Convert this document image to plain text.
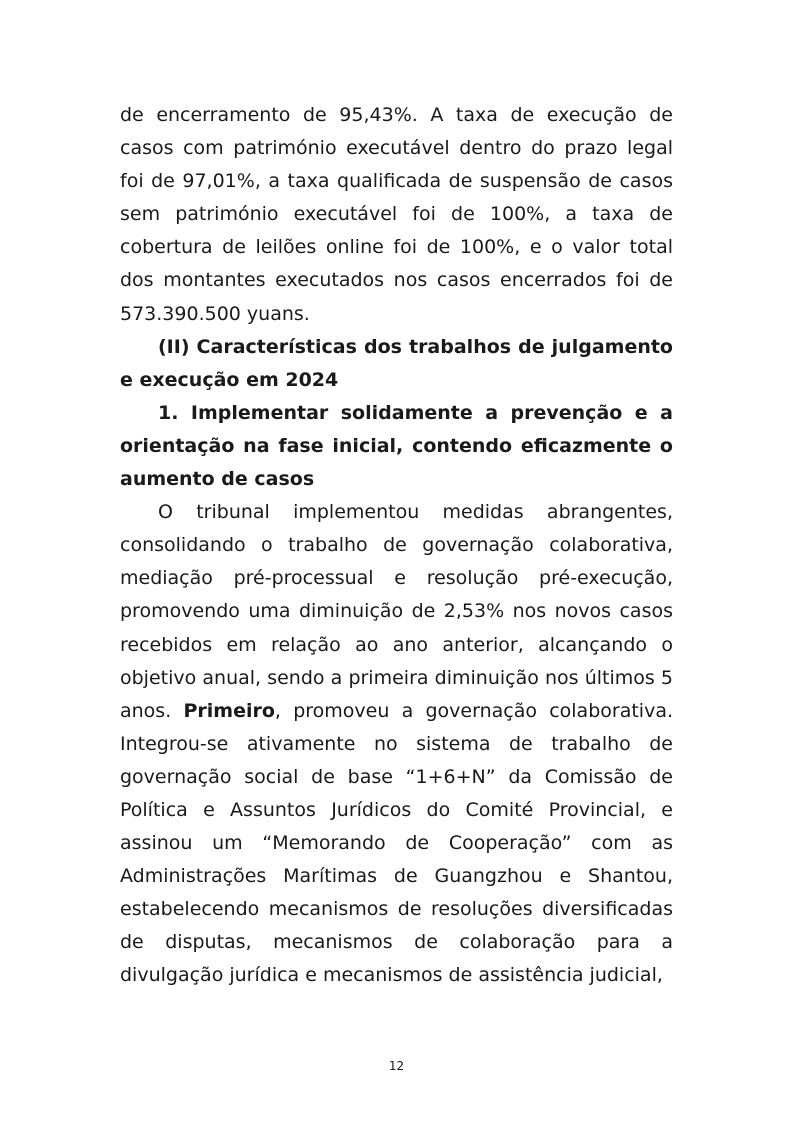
de encerramento de 95,43%. A taxa de execução de casos com património executável dentro do prazo legal foi de 97,01%, a taxa qualificada de suspensão de casos sem património executável foi de 100%, a taxa de cobertura de leilões online foi de 100%, e o valor total dos montantes executados nos casos encerrados foi de 573.390.500 yuans.

(II) Características dos trabalhos de julgamento e execução em 2024

1. Implementar solidamente a prevenção e a orientação na fase inicial, contendo eficazmente o aumento de casos

O tribunal implementou medidas abrangentes, consolidando o trabalho de governação colaborativa, mediação pré-processual e resolução pré-execução, promovendo uma diminuição de 2,53% nos novos casos recebidos em relação ao ano anterior, alcançando o objetivo anual, sendo a primeira diminuição nos últimos 5 anos. Primeiro, promoveu a governação colaborativa. Integrou-se ativamente no sistema de trabalho de governação social de base “1+6+N” da Comissão de Política e Assuntos Jurídicos do Comité Provincial, e assinou um “Memorando de Cooperação” com as Administrações Marítimas de Guangzhou e Shantou, estabelecendo mecanismos de resoluções diversificadas de disputas, mecanismos de colaboração para a divulgação jurídica e mecanismos de assistência judicial,

12
